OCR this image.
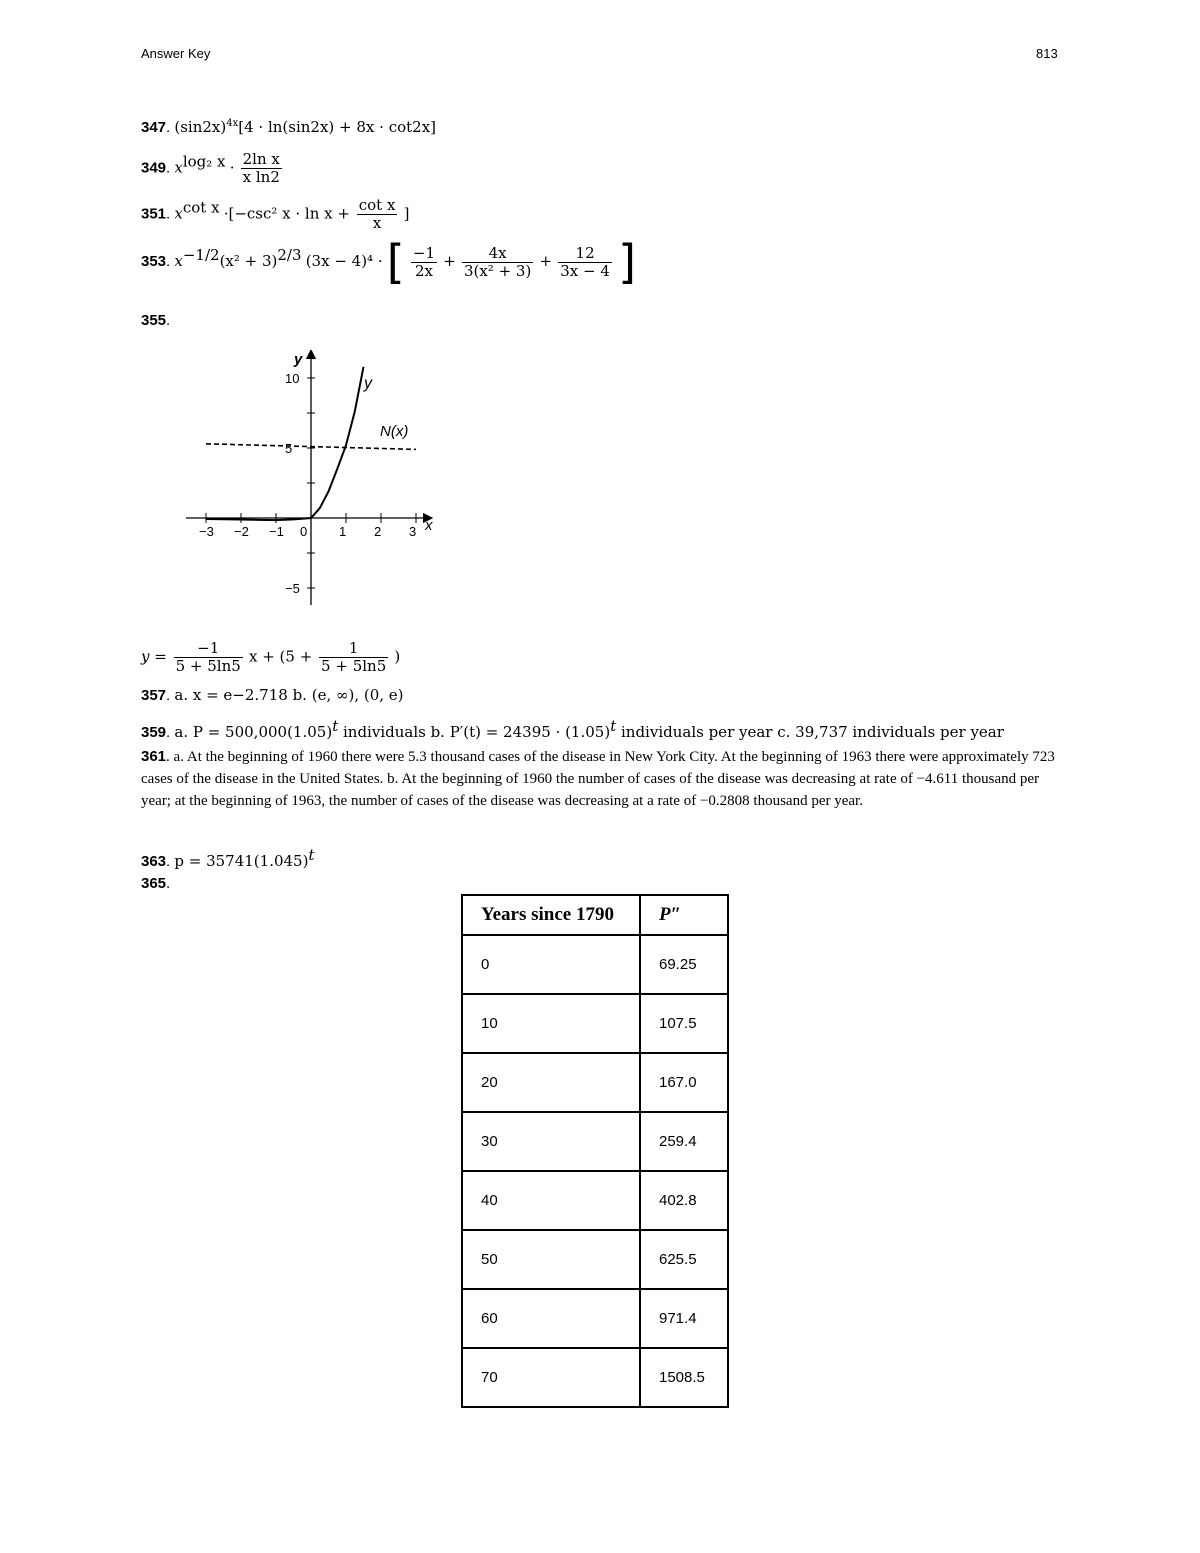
Answer Key	813
347. $(\sin 2x)^{4x}[4 \cdot \ln(\sin 2x) + 8x \cdot \cot 2x]$
349. $x^{log_2 x} \cdot \frac{\text{2ln x}}{\text{x ln2}}$
351. $x^{cot x} \cdot[-\csc^2$ $x \cdot \ln x + \frac{\text{cot x}}{x}$ ]
353. $x^{-1/2}(x^2 + 3)^{2/3}$ (3x − 4)⁴ · [ $\frac{-1}{2x} + \frac{4x}{\text{3(x² + 3)}} + \frac{12}{3x - 4}$ ]
355.
−3 −2 −1 0 1 2 3
10
5
−5
y
x
y
N(x)
$y = \frac{-1}{5 + 5\ln 5}$ $x + (5 + \frac{1}{5 + 5\ln 5}$ )
357. a. x = e−2.718 b. (e, ∞), (0, e)
359. a. $P = 500,000(1.05)^t$ individuals b. $P'(t) = 24395 \cdot (1.05)^t$ individuals per year c. 39,737 individuals per year
361. a. At the beginning of 1960 there were 5.3 thousand cases of the disease in New York City. At the beginning of 1963 there were approximately 723 cases of the disease in the United States. b. At the beginning of 1960 the number of cases of the disease was decreasing at rate of −4.611 thousand per year; at the beginning of 1963, the number of cases of the disease was decreasing at a rate of −0.2808 thousand per year.
363. $p = 35741(1.045)^t$
365.
Years since 1790	P″
0	69.25
10	107.5
20	167.0
30	259.4
40	402.8
50	625.5
60	971.4
70	1508.5
